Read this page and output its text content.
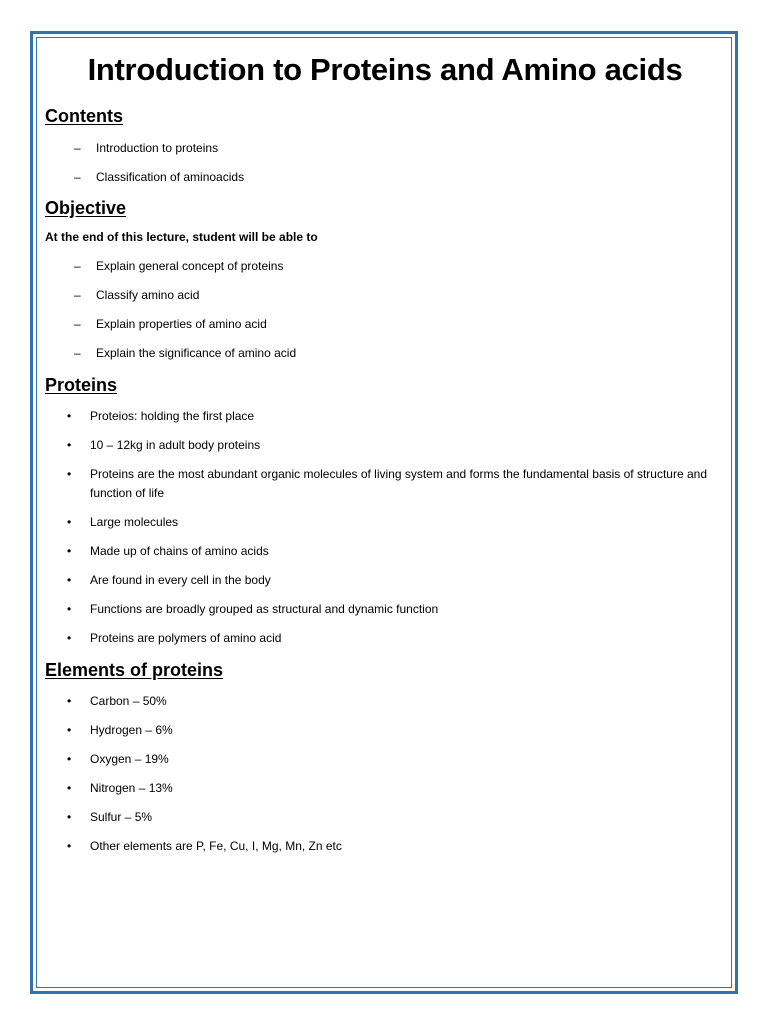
Introduction to Proteins and Amino acids
Contents
– Introduction to proteins
– Classification of aminoacids
Objective

At the end of this lecture, student will be able to

– Explain general concept of proteins
– Classify amino acid
– Explain properties of amino acid
– Explain the significance of amino acid
Proteins
• Proteios: holding the first place
• 10 – 12kg in adult body proteins
• Proteins are the most abundant organic molecules of living system and forms the fundamental basis of structure and function of life
• Large molecules
• Made up of chains of amino acids
• Are found in every cell in the body
• Functions are broadly grouped as structural and dynamic function
• Proteins are polymers of amino acid
Elements of proteins
• Carbon – 50%
• Hydrogen – 6%
• Oxygen – 19%
• Nitrogen – 13%
• Sulfur – 5%
• Other elements are P, Fe, Cu, I, Mg, Mn, Zn etc
